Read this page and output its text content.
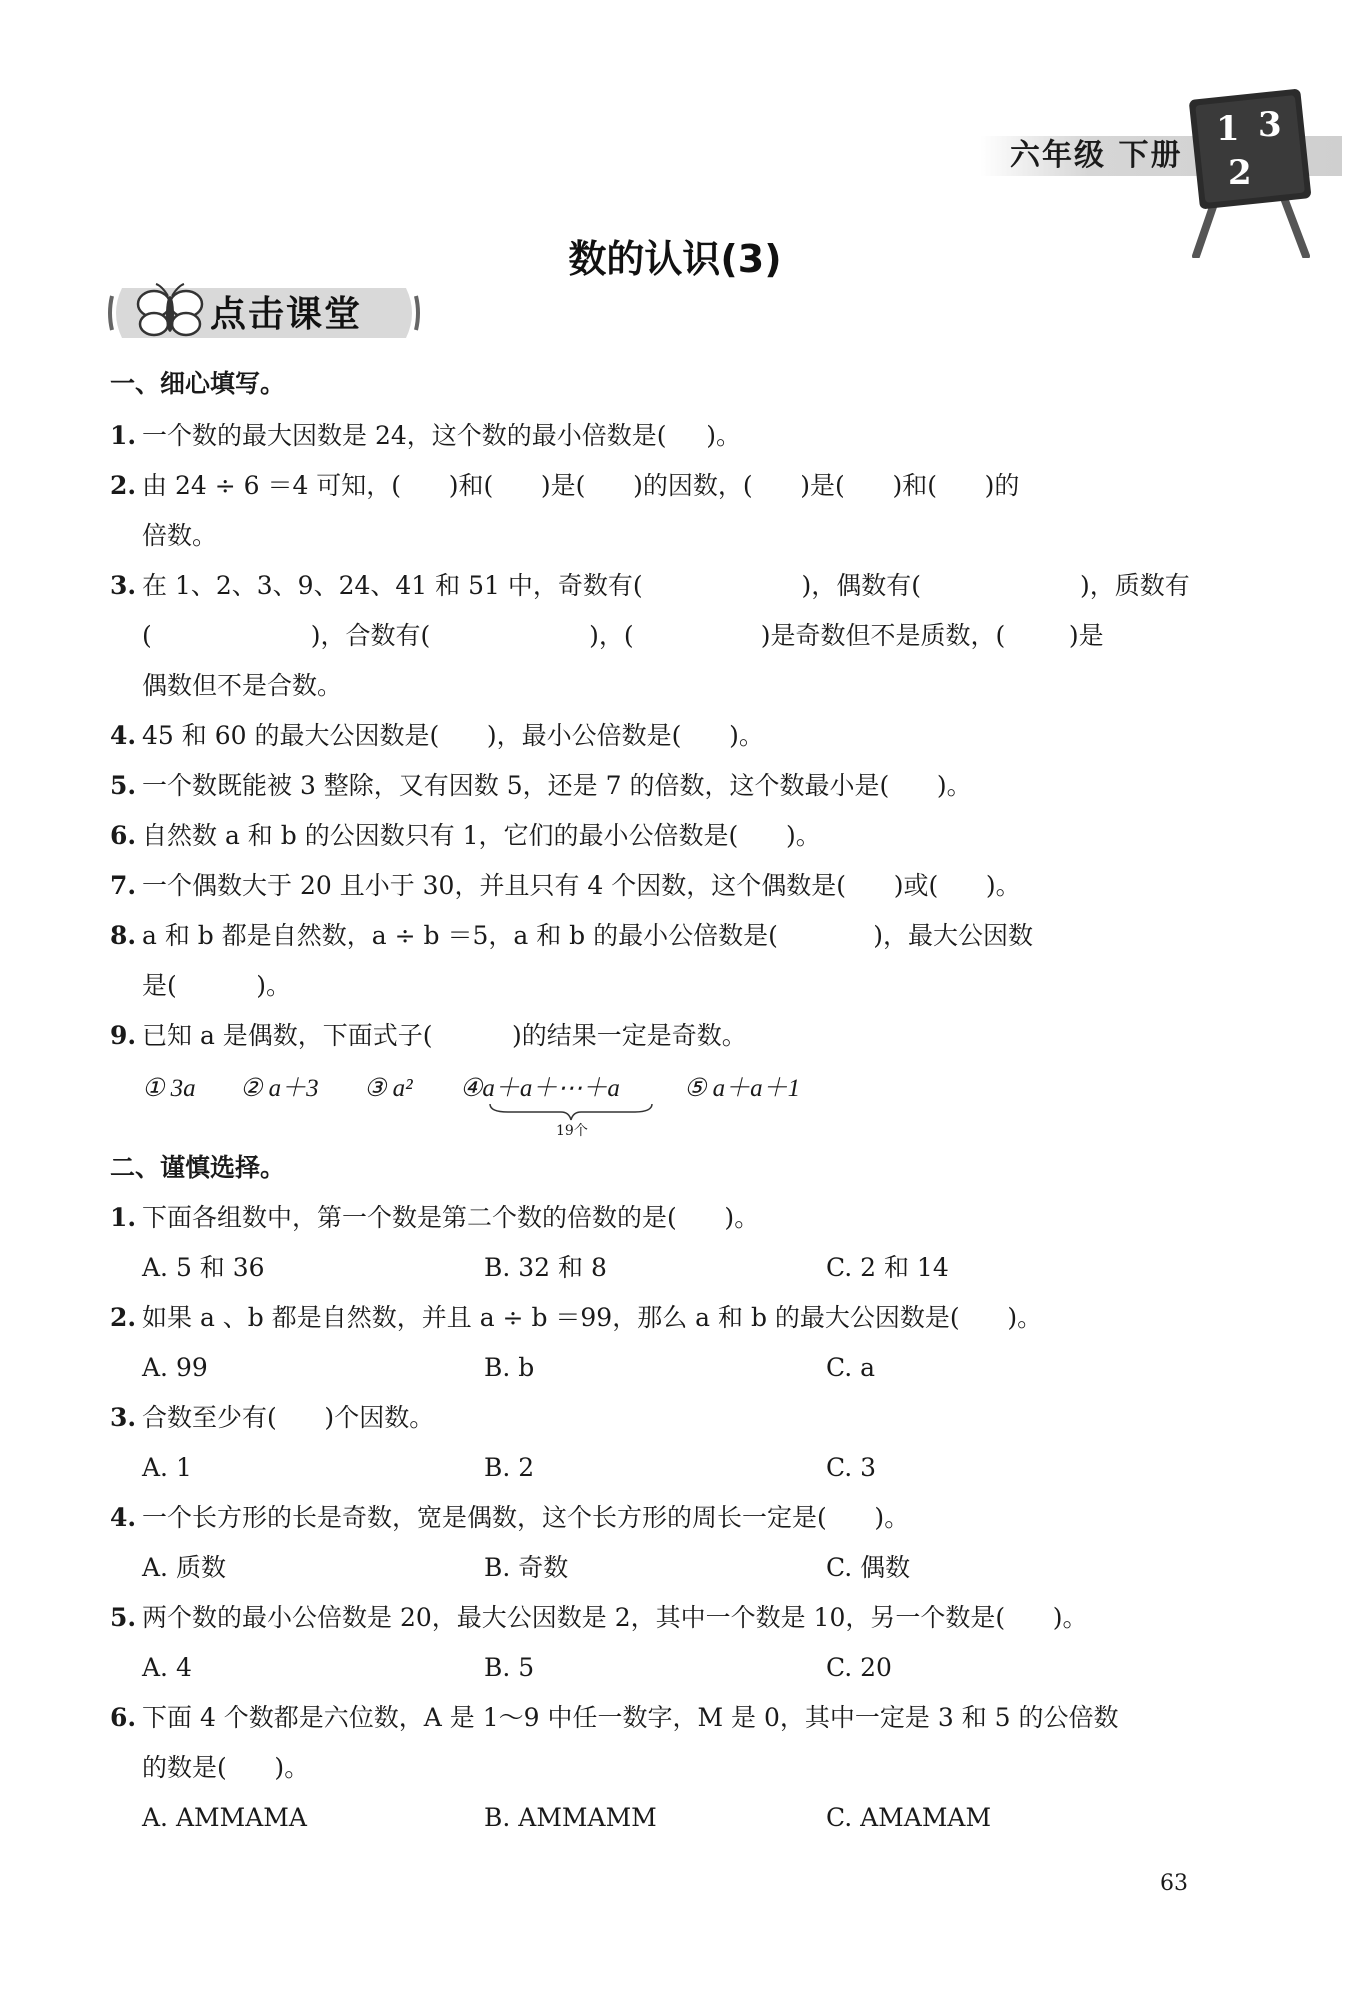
六年级 下册
1 3
2
数的认识(3)
点击课堂
一、细心填写。
1. 一个数的最大因数是 24，这个数的最小倍数是(     )。
2. 由 24 ÷ 6 ＝4 可知，(      )和(      )是(      )的因数，(      )是(      )和(      )的
倍数。
3. 在 1、2、3、9、24、41 和 51 中，奇数有(                    )，偶数有(                    )，质数有
(                    )，合数有(                    )，(                )是奇数但不是质数，(        )是
偶数但不是合数。
4. 45 和 60 的最大公因数是(      )，最小公倍数是(      )。
5. 一个数既能被 3 整除，又有因数 5，还是 7 的倍数，这个数最小是(      )。
6. 自然数 a 和 b 的公因数只有 1，它们的最小公倍数是(      )。
7. 一个偶数大于 20 且小于 30，并且只有 4 个因数，这个偶数是(      )或(      )。
8. a 和 b 都是自然数，a ÷ b ＝5，a 和 b 的最小公倍数是(            )，最大公因数
是(          )。
9. 已知 a 是偶数，下面式子(          )的结果一定是奇数。
① 3a ② a＋3 ③ a² ④a＋a＋⋯＋a	⑤ a＋a＋1
19个
二、谨慎选择。
1. 下面各组数中，第一个数是第二个数的倍数的是(      )。
A. 5 和 36	B. 32 和 8	C. 2 和 14
2. 如果 a 、b 都是自然数，并且 a ÷ b ＝99，那么 a 和 b 的最大公因数是(      )。
A. 99	B. b	C. a
3. 合数至少有(      )个因数。
A. 1	B. 2	C. 3
4. 一个长方形的长是奇数，宽是偶数，这个长方形的周长一定是(      )。
A. 质数	B. 奇数	C. 偶数
5. 两个数的最小公倍数是 20，最大公因数是 2，其中一个数是 10，另一个数是(      )。
A. 4	B. 5	C. 20
6. 下面 4 个数都是六位数，A 是 1～9 中任一数字，M 是 0，其中一定是 3 和 5 的公倍数
的数是(      )。
A. AMMAMA	B. AMMAMM	C. AMAMAM
63
